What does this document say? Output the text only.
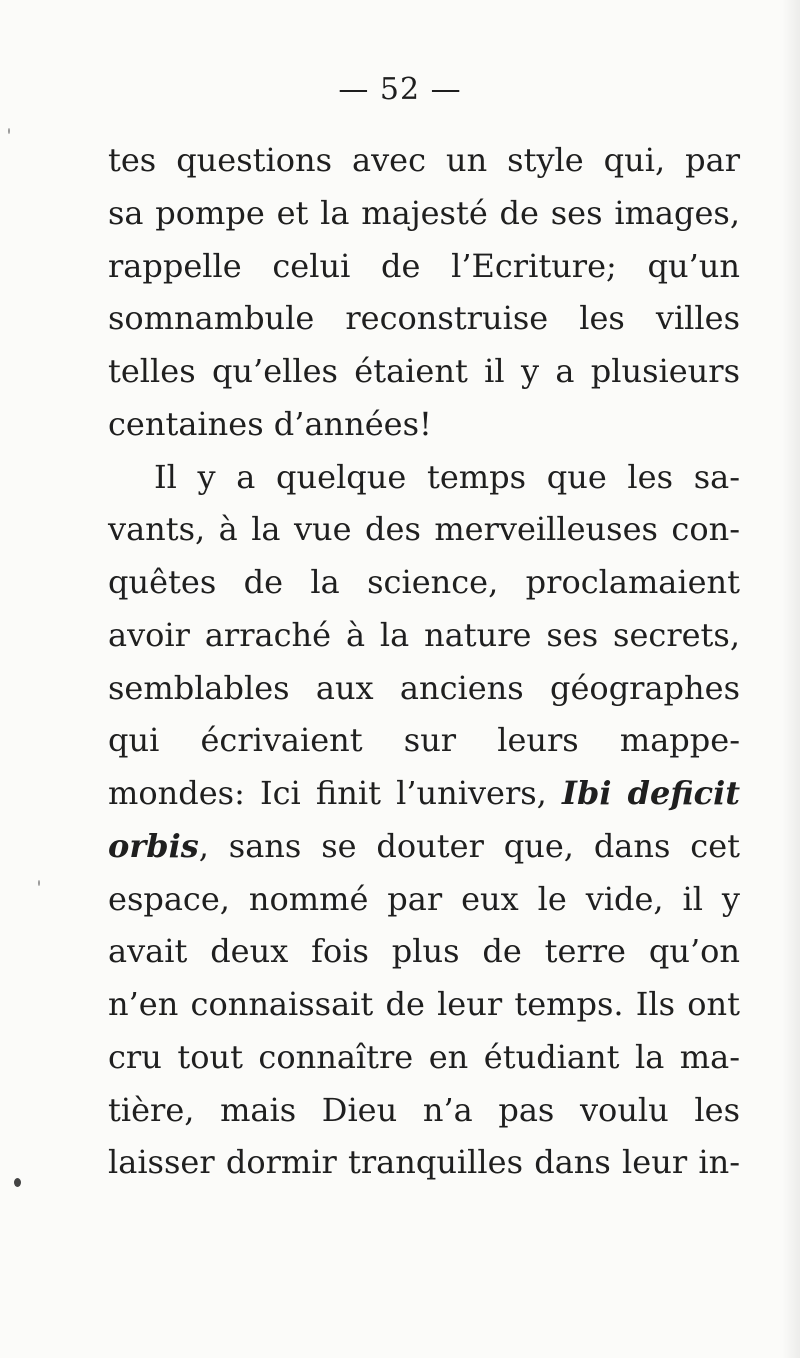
— 52 —
tes questions avec un style qui, par
sa pompe et la majesté de ses images,
rappelle celui de l’Ecriture; qu’un
somnambule reconstruise les villes
telles qu’elles étaient il y a plusieurs
centaines d’années!
Il y a quelque temps que les sa-
vants, à la vue des merveilleuses con-
quêtes de la science, proclamaient
avoir arraché à la nature ses secrets,
semblables aux anciens géographes
qui écrivaient sur leurs mappe-
mondes: Ici finit l’univers, Ibi deficit
orbis, sans se douter que, dans cet
espace, nommé par eux le vide, il y
avait deux fois plus de terre qu’on
n’en connaissait de leur temps. Ils ont
cru tout connaître en étudiant la ma-
tière, mais Dieu n’a pas voulu les
laisser dormir tranquilles dans leur in-
